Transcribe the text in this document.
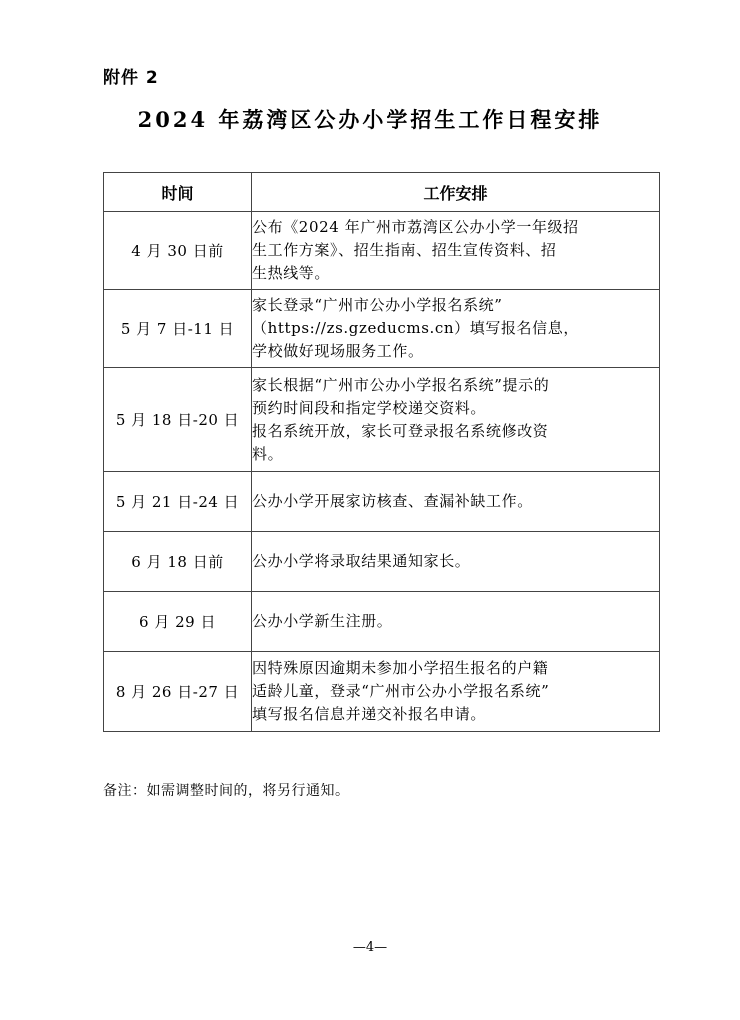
附件 2
2024 年荔湾区公办小学招生工作日程安排
时间	工作安排
4 月 30 日前	公布《2024 年广州市荔湾区公办小学一年级招
生工作方案》、招生指南、招生宣传资料、招
生热线等。

5 月 7 日-11 日	家长登录“广州市公办小学报名系统”
（https://zs.gzeducms.cn）填写报名信息，
学校做好现场服务工作。

5 月 18 日-20 日	家长根据“广州市公办小学报名系统”提示的
预约时间段和指定学校递交资料。
报名系统开放，家长可登录报名系统修改资
料。

5 月 21 日-24 日	公办小学开展家访核查、查漏补缺工作。

6 月 18 日前	公办小学将录取结果通知家长。

6 月 29 日	公办小学新生注册。

8 月 26 日-27 日	因特殊原因逾期未参加小学招生报名的户籍
适龄儿童，登录“广州市公办小学报名系统”
填写报名信息并递交补报名申请。
备注：如需调整时间的，将另行通知。
—4—
